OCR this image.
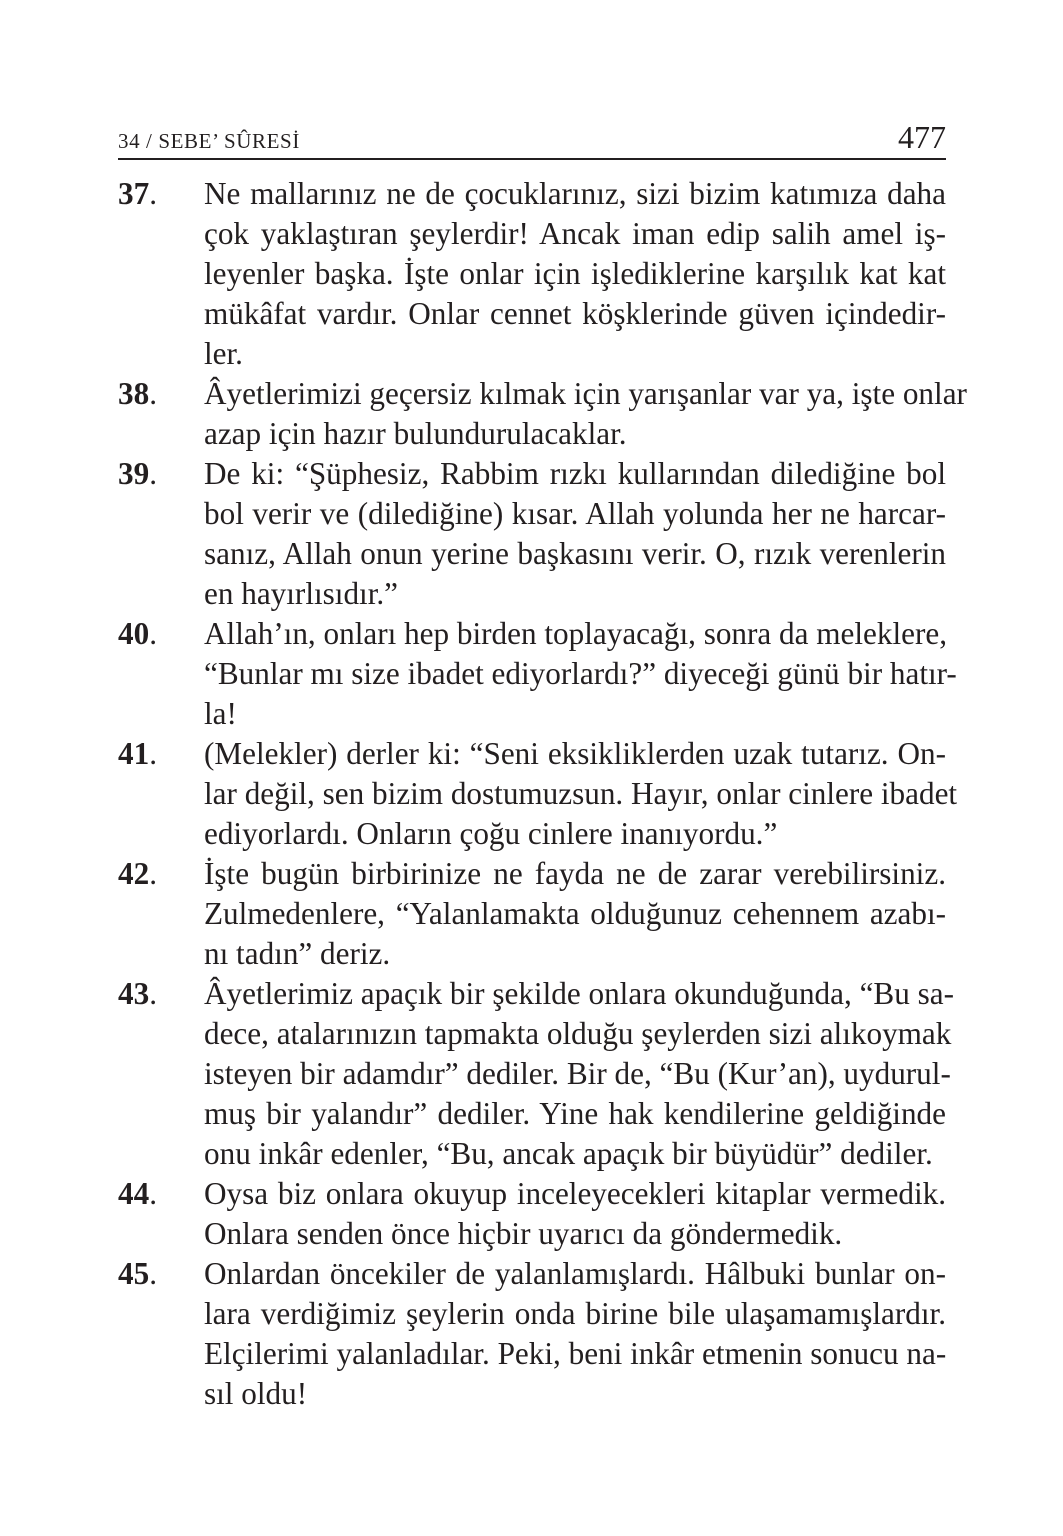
34 / SEBE’ SÛRESİ	477
37. Ne mallarınız ne de çocuklarınız, sizi bizim katımıza daha
çok yaklaştıran şeylerdir! Ancak iman edip salih amel iş-
leyenler başka. İşte onlar için işlediklerine karşılık kat kat
mükâfat vardır. Onlar cennet köşklerinde güven içindedir-
ler.
38. Âyetlerimizi geçersiz kılmak için yarışanlar var ya, işte onlar
azap için hazır bulundurulacaklar.
39. De ki: “Şüphesiz, Rabbim rızkı kullarından dilediğine bol
bol verir ve (dilediğine) kısar. Allah yolunda her ne harcar-
sanız, Allah onun yerine başkasını verir. O, rızık verenlerin
en hayırlısıdır.”
40. Allah’ın, onları hep birden toplayacağı, sonra da meleklere,
“Bunlar mı size ibadet ediyorlardı?” diyeceği günü bir hatır-
la!
41. (Melekler) derler ki: “Seni eksikliklerden uzak tutarız. On-
lar değil, sen bizim dostumuzsun. Hayır, onlar cinlere ibadet
ediyorlardı. Onların çoğu cinlere inanıyordu.”
42. İşte bugün birbirinize ne fayda ne de zarar verebilirsiniz.
Zulmedenlere, “Yalanlamakta olduğunuz cehennem azabı-
nı tadın” deriz.
43. Âyetlerimiz apaçık bir şekilde onlara okunduğunda, “Bu sa-
dece, atalarınızın tapmakta olduğu şeylerden sizi alıkoymak
isteyen bir adamdır” dediler. Bir de, “Bu (Kur’an), uydurul-
muş bir yalandır” dediler. Yine hak kendilerine geldiğinde
onu inkâr edenler, “Bu, ancak apaçık bir büyüdür” dediler.
44. Oysa biz onlara okuyup inceleyecekleri kitaplar vermedik.
Onlara senden önce hiçbir uyarıcı da göndermedik.
45. Onlardan öncekiler de yalanlamışlardı. Hâlbuki bunlar on-
lara verdiğimiz şeylerin onda birine bile ulaşamamışlardır.
Elçilerimi yalanladılar. Peki, beni inkâr etmenin sonucu na-
sıl oldu!
